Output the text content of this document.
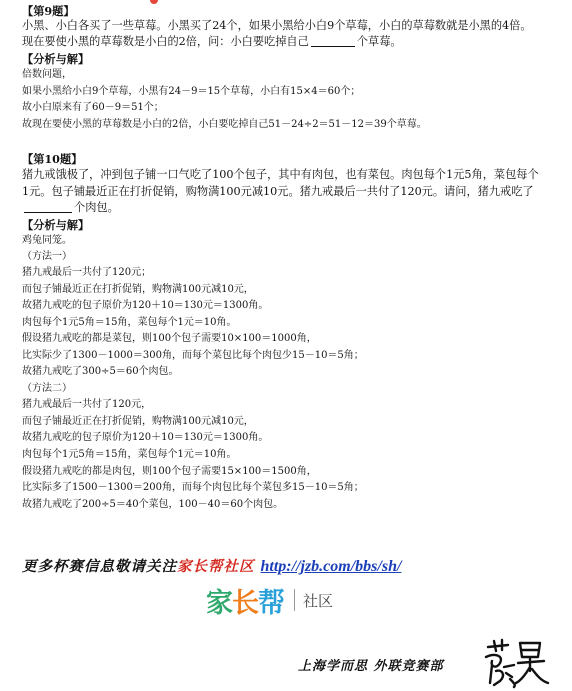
【第9题】
小黑、小白各买了一些草莓。小黑买了24个，如果小黑给小白9个草莓，小白的草莓数就是小黑的4倍。
现在要使小黑的草莓数是小白的2倍，问：小白要吃掉自己	个草莓。
【分析与解】
倍数问题，
如果小黑给小白9个草莓，小黑有24－9＝15个草莓，小白有15×4＝60个；
故小白原来有了60－9＝51个；
故现在要使小黑的草莓数是小白的2倍，小白要吃掉自己51－24÷2＝51－12＝39个草莓。
【第10题】
猪九戒饿极了，冲到包子铺一口气吃了100个包子，其中有肉包，也有菜包。肉包每个1元5角，菜包每个
1元。包子铺最近正在打折促销，购物满100元减10元。猪九戒最后一共付了120元。请问，猪九戒吃了
个肉包。
【分析与解】
鸡兔同笼。
（方法一）
猪九戒最后一共付了120元；
而包子铺最近正在打折促销，购物满100元减10元，
故猪九戒吃的包子原价为120＋10＝130元＝1300角。
肉包每个1元5角＝15角，菜包每个1元＝10角。
假设猪九戒吃的都是菜包，则100个包子需要10×100＝1000角，
比实际少了1300－1000＝300角，而每个菜包比每个肉包少15－10＝5角；
故猪九戒吃了300÷5＝60个肉包。
（方法二）
猪九戒最后一共付了120元，
而包子铺最近正在打折促销，购物满100元减10元，
故猪九戒吃的包子原价为120＋10＝130元＝1300角。
肉包每个1元5角＝15角，菜包每个1元＝10角。
假设猪九戒吃的都是肉包，则100个包子需要15×100＝1500角，
比实际多了1500－1300＝200角，而每个肉包比每个菜包多15－10＝5角；
故猪九戒吃了200÷5＝40个菜包，100－40＝60个肉包。
更多杯赛信息敬请关注家长帮社区 http://jzb.com/bbs/sh/
家长帮 社区
上海学而思 外联竞赛部
